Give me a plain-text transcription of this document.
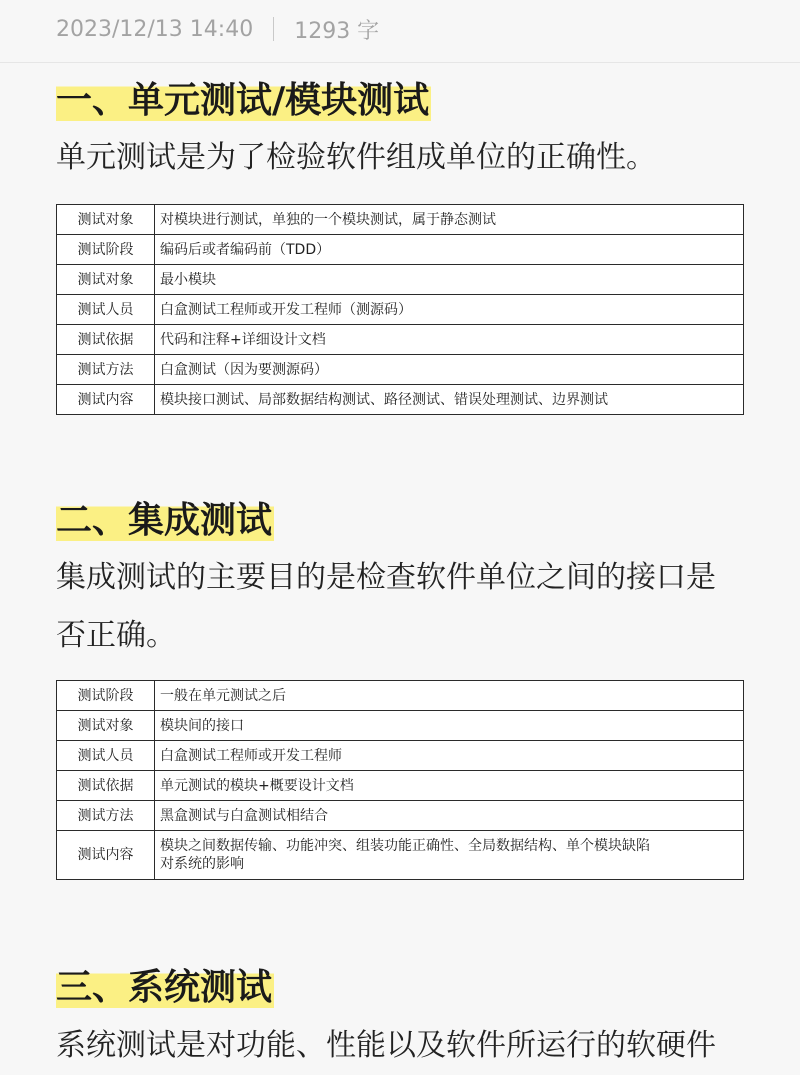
2023/12/13 14:40 1293 字
一、单元测试/模块测试
单元测试是为了检验软件组成单位的正确性。
测试对象	对模块进行测试，单独的一个模块测试，属于静态测试
测试阶段	编码后或者编码前（TDD）
测试对象	最小模块
测试人员	白盒测试工程师或开发工程师（测源码）
测试依据	代码和注释+详细设计文档
测试方法	白盒测试（因为要测源码）
测试内容	模块接口测试、局部数据结构测试、路径测试、错误处理测试、边界测试
二、集成测试
集成测试的主要目的是检查软件单位之间的接口是
否正确。
测试阶段	一般在单元测试之后
测试对象	模块间的接口
测试人员	白盒测试工程师或开发工程师
测试依据	单元测试的模块+概要设计文档
测试方法	黑盒测试与白盒测试相结合
测试内容	模块之间数据传输、功能冲突、组装功能正确性、全局数据结构、单个模块缺陷
对系统的影响
三、系统测试
系统测试是对功能、性能以及软件所运行的软硬件
